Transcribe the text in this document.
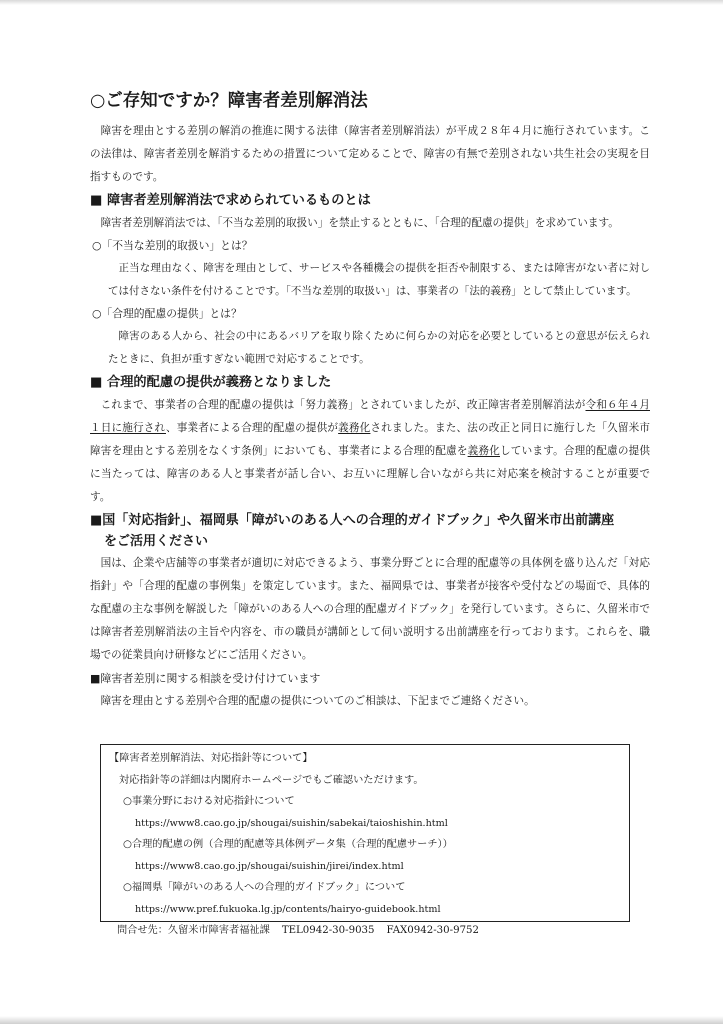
○ご存知ですか？障害者差別解消法

障害を理由とする差別の解消の推進に関する法律（障害者差別解消法）が平成２８年４月に施行されています。この法律は、障害者差別を解消するための措置について定めることで、障害の有無で差別されない共生社会の実現を目指すものです。

■ 障害者差別解消法で求められているものとは

障害者差別解消法では、「不当な差別的取扱い」を禁止するとともに、「合理的配慮の提供」を求めています。

○「不当な差別的取扱い」とは？

正当な理由なく、障害を理由として、サービスや各種機会の提供を拒否や制限する、または障害がない者に対しては付さない条件を付けることです。「不当な差別的取扱い」は、事業者の「法的義務」として禁止しています。

○「合理的配慮の提供」とは？

障害のある人から、社会の中にあるバリアを取り除くために何らかの対応を必要としているとの意思が伝えられたときに、負担が重すぎない範囲で対応することです。

■ 合理的配慮の提供が義務となりました

これまで、事業者の合理的配慮の提供は「努力義務」とされていましたが、改正障害者差別解消法が令和６年４月１日に施行され、事業者による合理的配慮の提供が義務化されました。また、法の改正と同日に施行した「久留米市障害を理由とする差別をなくす条例」においても、事業者による合理的配慮を義務化しています。合理的配慮の提供に当たっては、障害のある人と事業者が話し合い、お互いに理解し合いながら共に対応案を検討することが重要です。

■国「対応指針」、福岡県「障がいのある人への合理的ガイドブック」や久留米市出前講座
をご活用ください

国は、企業や店舗等の事業者が適切に対応できるよう、事業分野ごとに合理的配慮等の具体例を盛り込んだ「対応指針」や「合理的配慮の事例集」を策定しています。また、福岡県では、事業者が接客や受付などの場面で、具体的な配慮の主な事例を解説した「障がいのある人への合理的配慮ガイドブック」を発行しています。さらに、久留米市では障害者差別解消法の主旨や内容を、市の職員が講師として伺い説明する出前講座を行っております。これらを、職場での従業員向け研修などにご活用ください。

■障害者差別に関する相談を受け付けています

障害を理由とする差別や合理的配慮の提供についてのご相談は、下記までご連絡ください。

【障害者差別解消法、対応指針等について】
対応指針等の詳細は内閣府ホームページでもご確認いただけます。
○事業分野における対応指針について
https://www8.cao.go.jp/shougai/suishin/sabekai/taioshishin.html
○合理的配慮の例（合理的配慮等具体例データ集（合理的配慮サーチ））
https://www8.cao.go.jp/shougai/suishin/jirei/index.html
○福岡県「障がいのある人への合理的ガイドブック」について
https://www.pref.fukuoka.lg.jp/contents/hairyo-guidebook.html
問合せ先：久留米市障害者福祉課 TEL0942-30-9035 FAX0942-30-9752
